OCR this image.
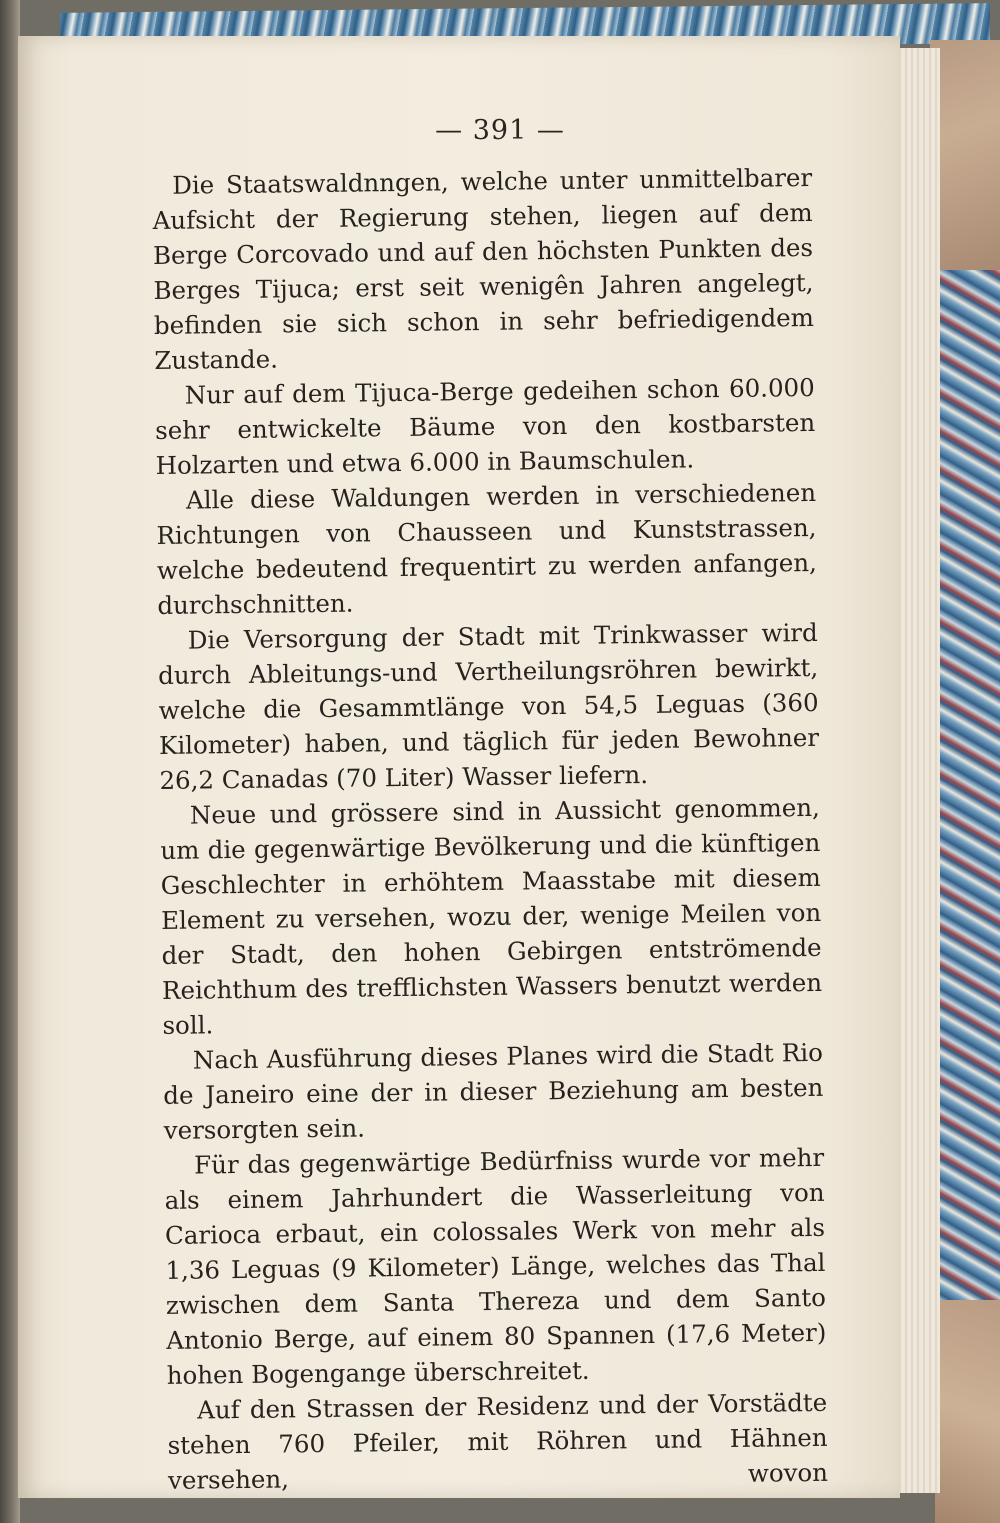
— 391 —

Die Staatswaldnngen, welche unter unmittelbarer Aufsicht der Regierung stehen, liegen auf dem Berge Corcovado und auf den höchsten Punkten des Berges Tijuca; erst seit wenigên Jahren angelegt, befinden sie sich schon in sehr befriedigendem Zustande.

Nur auf dem Tijuca-Berge gedeihen schon 60.000 sehr entwickelte Bäume von den kostbarsten Holzarten und etwa 6.000 in Baumschulen.

Alle diese Waldungen werden in verschiedenen Richtungen von Chausseen und Kunststrassen, welche bedeutend frequentirt zu werden anfangen, durchschnitten.

Die Versorgung der Stadt mit Trinkwasser wird durch Ableitungs-und Vertheilungsröhren bewirkt, welche die Gesammtlänge von 54,5 Leguas (360 Kilometer) haben, und täglich für jeden Bewohner 26,2 Canadas (70 Liter) Wasser liefern.

Neue und grössere sind in Aussicht genommen, um die gegenwärtige Bevölkerung und die künftigen Geschlechter in erhöhtem Maasstabe mit diesem Element zu versehen, wozu der, wenige Meilen von der Stadt, den hohen Gebirgen entströmende Reichthum des trefflichsten Wassers benutzt werden soll.

Nach Ausführung dieses Planes wird die Stadt Rio de Janeiro eine der in dieser Beziehung am besten versorgten sein.

Für das gegenwärtige Bedürfniss wurde vor mehr als einem Jahrhundert die Wasserleitung von Carioca erbaut, ein colossales Werk von mehr als 1,36 Leguas (9 Kilometer) Länge, welches das Thal zwischen dem Santa Thereza und dem Santo Antonio Berge, auf einem 80 Spannen (17,6 Meter) hohen Bogengange überschreitet.

Auf den Strassen der Residenz und der Vorstädte stehen 760 Pfeiler, mit Röhren und Hähnen versehen, wovon
